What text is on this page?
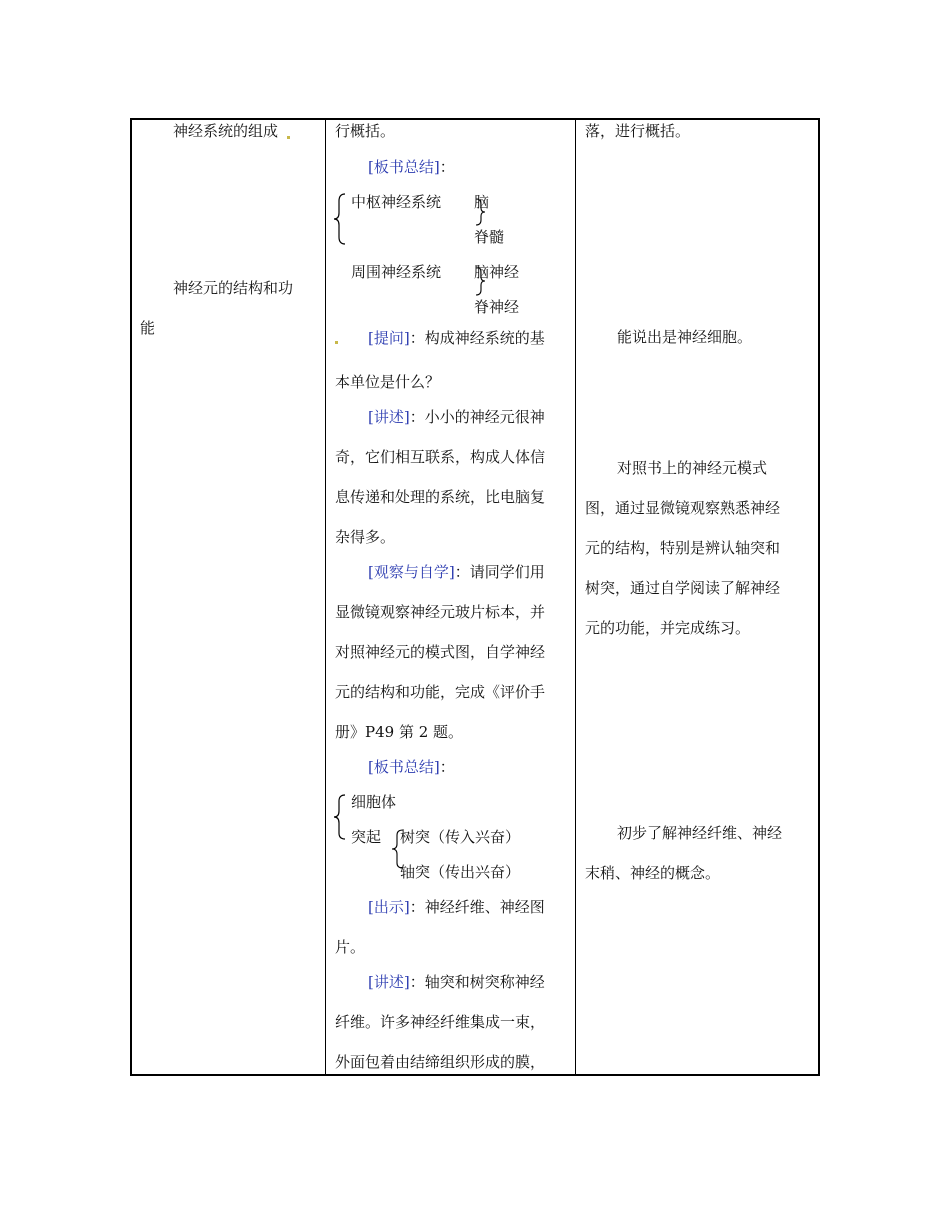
神经系统的组成
神经元的结构和功
能
行概括。
[板书总结]：
中枢神经系统 脑
脊髓
周围神经系统 脑神经
脊神经
[提问]：构成神经系统的基
本单位是什么？
[讲述]：小小的神经元很神
奇，它们相互联系，构成人体信
息传递和处理的系统，比电脑复
杂得多。
[观察与自学]：请同学们用
显微镜观察神经元玻片标本，并
对照神经元的模式图，自学神经
元的结构和功能，完成《评价手
册》P49 第 2 题。
[板书总结]：
细胞体
突起 树突（传入兴奋）
轴突（传出兴奋）
[出示]：神经纤维、神经图
片。
[讲述]：轴突和树突称神经
纤维。许多神经纤维集成一束，
外面包着由结缔组织形成的膜，
落，进行概括。
能说出是神经细胞。
对照书上的神经元模式
图，通过显微镜观察熟悉神经
元的结构，特别是辨认轴突和
树突，通过自学阅读了解神经
元的功能，并完成练习。
初步了解神经纤维、神经
末稍、神经的概念。
